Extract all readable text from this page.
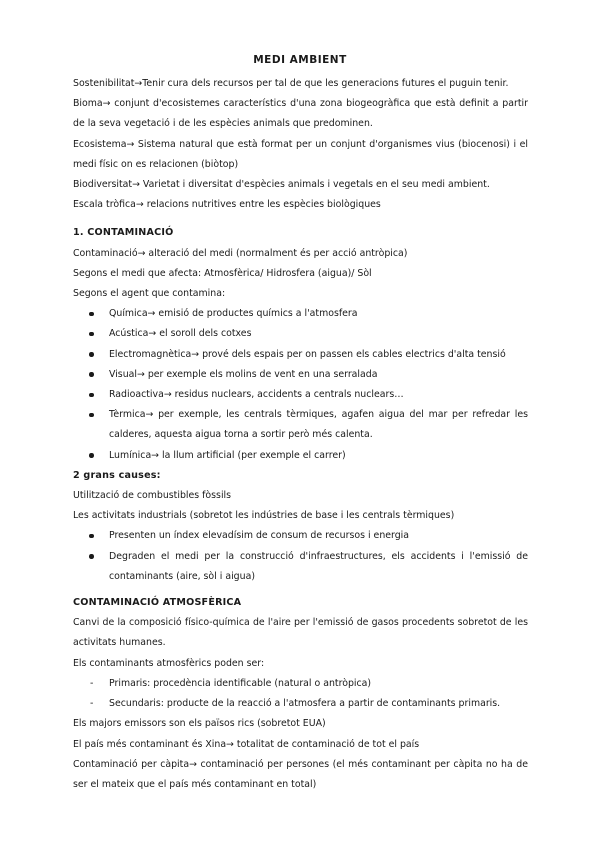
MEDI AMBIENT

Sostenibilitat→Tenir cura dels recursos per tal de que les generacions futures el puguin tenir.

Bioma→ conjunt d'ecosistemes característics d'una zona biogeogràfica que està definit a partir de la seva vegetació i de les espècies animals que predominen.

Ecosistema→ Sistema natural que està format per un conjunt d'organismes vius (biocenosi) i el medi físic on es relacionen (biòtop)

Biodiversitat→ Varietat i diversitat d'espècies animals i vegetals en el seu medi ambient.

Escala tròfica→ relacions nutritives entre les espècies biològiques

1. CONTAMINACIÓ

Contaminació→ alteració del medi (normalment és per acció antròpica)

Segons el medi que afecta: Atmosfèrica/ Hidrosfera (aigua)/ Sòl

Segons el agent que contamina:

Química→ emisió de productes químics a l'atmosfera
Acústica→ el soroll dels cotxes
Electromagnètica→ prové dels espais per on passen els cables electrics d'alta tensió
Visual→ per exemple els molins de vent en una serralada
Radioactiva→ residus nuclears, accidents a centrals nuclears…
Tèrmica→ per exemple, les centrals tèrmiques, agafen aigua del mar per refredar les calderes, aquesta aigua torna a sortir però més calenta.
Lumínica→ la llum artificial (per exemple el carrer)
2 grans causes:

Utilització de combustibles fòssils

Les activitats industrials (sobretot les indústries de base i les centrals tèrmiques)

Presenten un índex elevadísim de consum de recursos i energia
Degraden el medi per la construcció d'infraestructures, els accidents i l'emissió de contaminants (aire, sòl i aigua)
CONTAMINACIÓ ATMOSFÈRICA

Canvi de la composició físico-química de l'aire per l'emissió de gasos procedents sobretot de les activitats humanes.

Els contaminants atmosfèrics poden ser:

- Primaris: procedència identificable (natural o antròpica)
- Secundaris: producte de la reacció a l'atmosfera a partir de contaminants primaris.

Els majors emissors son els països rics (sobretot EUA)

El país més contaminant és Xina→ totalitat de contaminació de tot el país

Contaminació per càpita→ contaminació per persones (el més contaminant per càpita no ha de ser el mateix que el país més contaminant en total)
